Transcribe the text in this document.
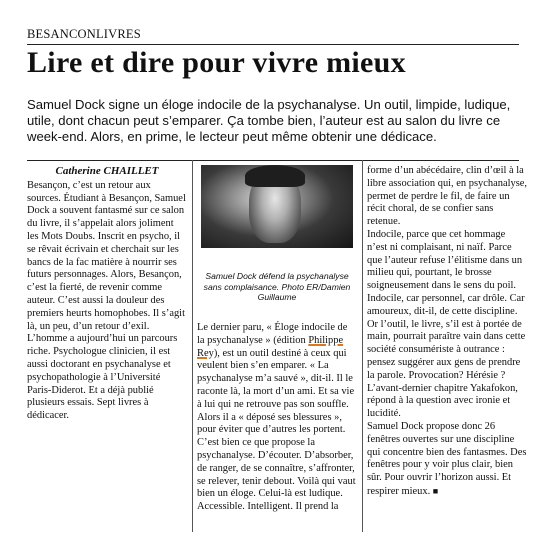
BESANCONLIVRES
Lire et dire pour vivre mieux

Samuel Dock signe un éloge indocile de la psychanalyse. Un outil, limpide, ludique, utile, dont chacun peut s’emparer. Ça tombe bien, l’auteur est au salon du livre ce week-end. Alors, en prime, le lecteur peut même obtenir une dédicace.

Catherine CHAILLET

Besançon, c’est un retour aux sources. Étudiant à Besançon, Samuel Dock a souvent fantasmé sur ce salon du livre, il s’appelait alors joliment les Mots Doubs. Inscrit en psycho, il se rêvait écrivain et cherchait sur les bancs de la fac matière à nourrir ses futurs personnages. Alors, Besançon, c’est la fierté, de revenir comme auteur. C’est aussi la douleur des premiers heurts homophobes. Il s’agit là, un peu, d’un retour d’exil. L’homme a aujourd’hui un parcours riche. Psychologue clinicien, il est aussi doctorant en psychanalyse et psychopathologie à l’Université Paris-Diderot. Et a déjà publié plusieurs essais. Sept livres à dédicacer.

Samuel Dock défend la psychanalyse sans complaisance. Photo ER/Damien Guillaume

Le dernier paru, « Éloge indocile de la psychanalyse » (édition Philippe Rey), est un outil destiné à ceux qui veulent bien s’en emparer. « La psychanalyse m’a sauvé », dit-il. Il le raconte là, la mort d’un ami. Et sa vie à lui qui ne retrouve pas son souffle. Alors il a « déposé ses blessures », pour éviter que d’autres les portent. C’est bien ce que propose la psychanalyse. D’écouter. D’absorber, de ranger, de se connaître, s’affronter, se relever, tenir debout. Voilà qui vaut bien un éloge. Celui-là est ludique. Accessible. Intelligent. Il prend la

forme d’un abécédaire, clin d’œil à la libre association qui, en psychanalyse, permet de perdre le fil, de faire un récit choral, de se confier sans retenue.

Indocile, parce que cet hommage n’est ni complaisant, ni naïf. Parce que l’auteur refuse l’élitisme dans un milieu qui, pourtant, le brosse soigneusement dans le sens du poil. Indocile, car personnel, car drôle. Car amoureux, dit-il, de cette discipline.

Or l’outil, le livre, s’il est à portée de main, pourrait paraître vain dans cette société consumériste à outrance : pensez suggérer aux gens de prendre la parole. Provocation? Hérésie ? L’avant-dernier chapitre Yakafokon, répond à la question avec ironie et lucidité.

Samuel Dock propose donc 26 fenêtres ouvertes sur une discipline qui concentre bien des fantasmes. Des fenêtres pour y voir plus clair, bien sûr. Pour ouvrir l’horizon aussi. Et respirer mieux. ■
